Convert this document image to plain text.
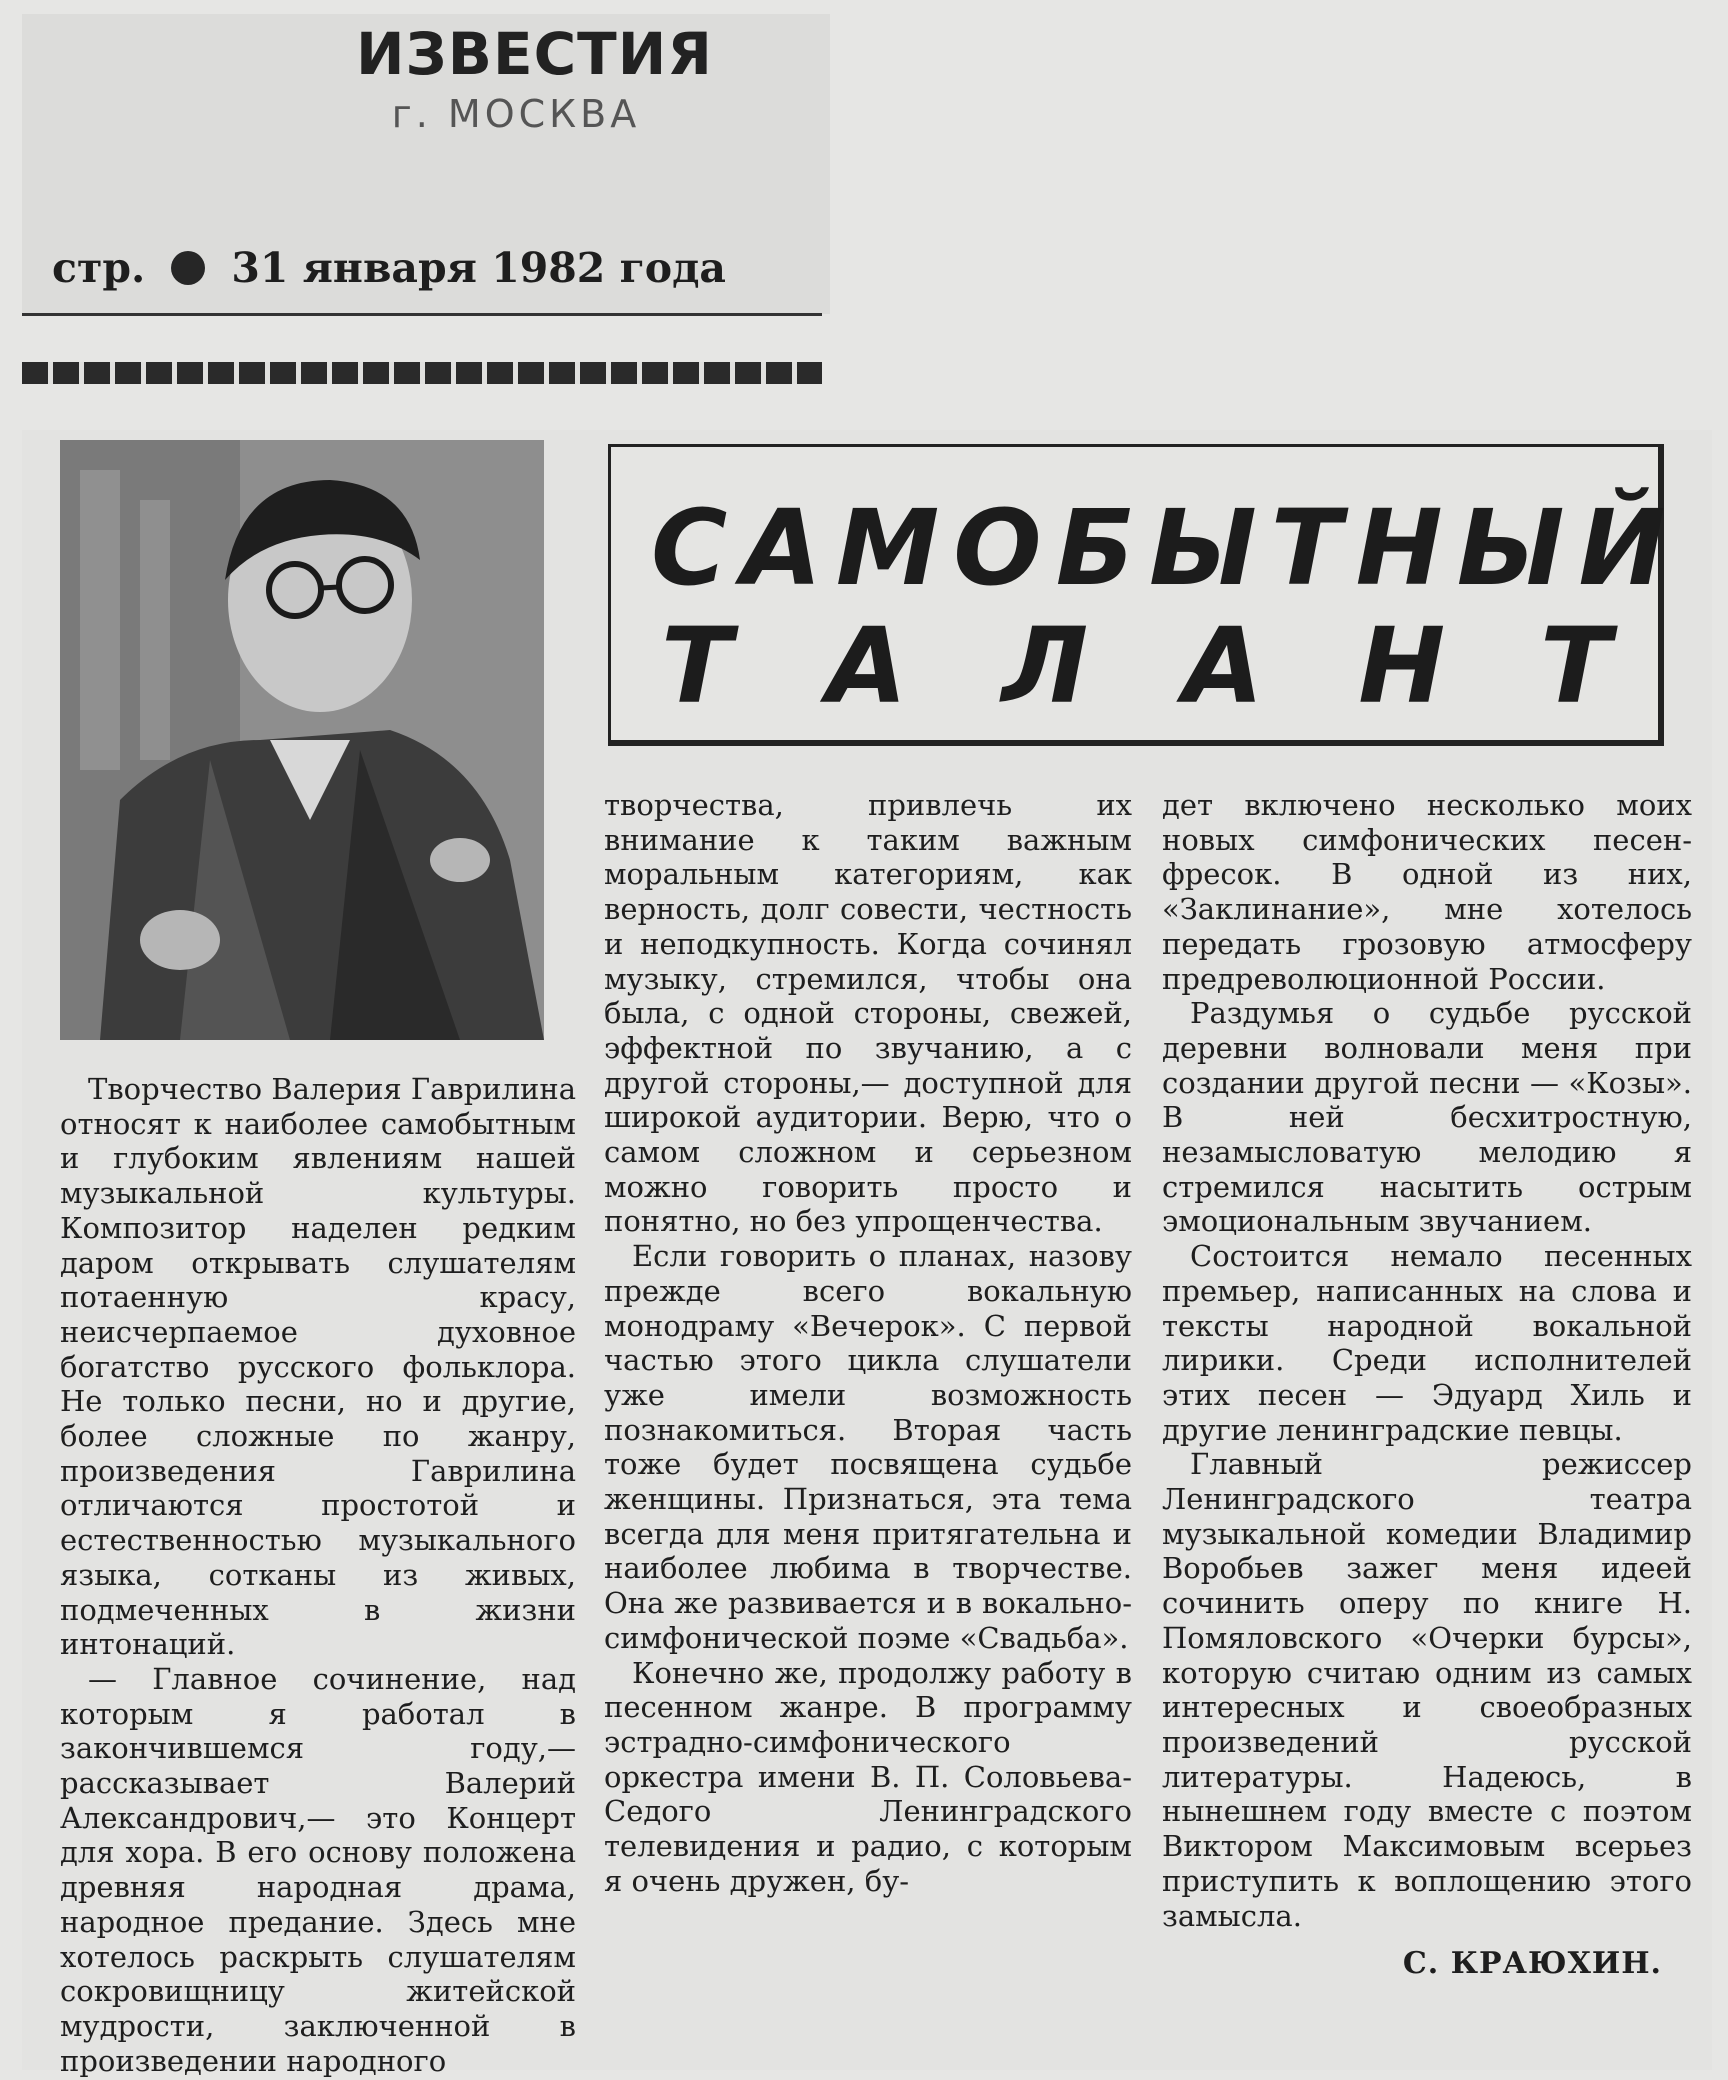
ИЗВЕСТИЯ
г. МОСКВА
стр. 31 января 1982 года
САМОБЫТНЫЙ
Т А Л А Н Т

Творчество Валерия Гаврилина относят к наиболее самобытным и глубоким явлениям нашей музыкальной культуры. Композитор наделен редким даром открывать слушателям потаенную красу, неисчерпаемое духовное богатство русского фольклора. Не только песни, но и другие, более сложные по жанру, произведения Гаврилина отличаются простотой и естественностью музыкального языка, сотканы из живых, подмеченных в жизни интонаций.

— Главное сочинение, над которым я работал в закончившемся году,— рассказывает Валерий Александрович,— это Концерт для хора. В его основу положена древняя народная драма, народное предание. Здесь мне хотелось раскрыть слушателям сокровищницу житейской мудрости, заключенной в произведении народного

творчества, привлечь их внимание к таким важным моральным категориям, как верность, долг совести, честность и неподкупность. Когда сочинял музыку, стремился, чтобы она была, с одной стороны, свежей, эффектной по звучанию, а с другой стороны,— доступной для широкой аудитории. Верю, что о самом сложном и серьезном можно говорить просто и понятно, но без упрощенчества.

Если говорить о планах, назову прежде всего вокальную монодраму «Вечерок». С первой частью этого цикла слушатели уже имели возможность познакомиться. Вторая часть тоже будет посвящена судьбе женщины. Признаться, эта тема всегда для меня притягательна и наиболее любима в творчестве. Она же развивается и в вокально-симфонической поэме «Свадьба».

Конечно же, продолжу работу в песенном жанре. В программу эстрадно-симфонического оркестра имени В. П. Соловьева-Седого Ленинградского телевидения и радио, с которым я очень дружен, бу-

дет включено несколько моих новых симфонических песен-фресок. В одной из них, «Заклинание», мне хотелось передать грозовую атмосферу предреволюционной России.

Раздумья о судьбе русской деревни волновали меня при создании другой песни — «Козы». В ней бесхитростную, незамысловатую мелодию я стремился насытить острым эмоциональным звучанием.

Состоится немало песенных премьер, написанных на слова и тексты народной вокальной лирики. Среди исполнителей этих песен — Эдуард Хиль и другие ленинградские певцы.

Главный режиссер Ленинградского театра музыкальной комедии Владимир Воробьев зажег меня идеей сочинить оперу по книге Н. Помяловского «Очерки бурсы», которую считаю одним из самых интересных и своеобразных произведений русской литературы. Надеюсь, в нынешнем году вместе с поэтом Виктором Максимовым всерьез приступить к воплощению этого замысла.

С. КРАЮХИН.
